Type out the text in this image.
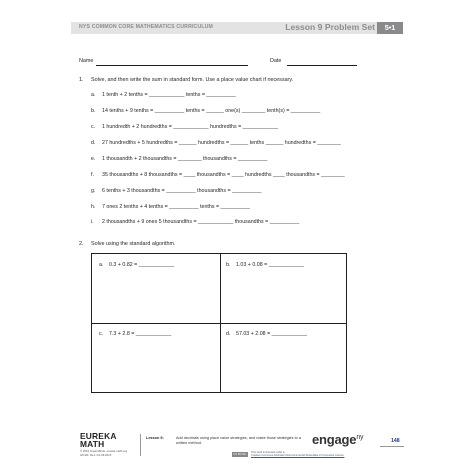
NYS COMMON CORE MATHEMATICS CURRICULUM	Lesson 9 Problem Set	5•1
Name	Date
1. Solve, and then write the sum in standard form. Use a place value chart if necessary.
a. 1 tenth + 2 tenths = ____________ tenths = __________
b. 14 tenths + 9 tenths = __________ tenths = ______ one(s) ________ tenth(s) = __________
c. 1 hundredth + 2 hundredths = ____________ hundredths = ____________
d. 27 hundredths + 5 hundredths = ______ hundredths = ______ tenths ______ hundredths = ________
e. 1 thousandth + 2 thousandths = ________ thousandths = __________
f. 35 thousandths + 8 thousandths = ____ thousandths = ____ hundredths ____ thousandths = ________
g. 6 tenths + 3 thousandths = __________ thousandths = __________
h. 7 ones 2 tenths + 4 tenths = __________ tenths = __________
i. 2 thousandths + 9 ones 5 thousandths = ____________ thousandths = __________
2. Solve using the standard algorithm.
a. 0.3 + 0.82 = ____________	b. 1.03 + 0.08 = ____________
c. 7.3 + 2.8 = ____________	d. 57.03 + 2.08 = ____________
EUREKA
MATH
© 2015 Great Minds. eureka-math.org
G5-M1-TE-1.3.0-06.2015
Lesson 9:	Add decimals using place value strategies, and relate those strategies to a written method.
CC BY-NC-SA
This work is licensed under a
Creative Commons Attribution-NonCommercial-ShareAlike 3.0 Unported License.
engage$^{ny}$	148
